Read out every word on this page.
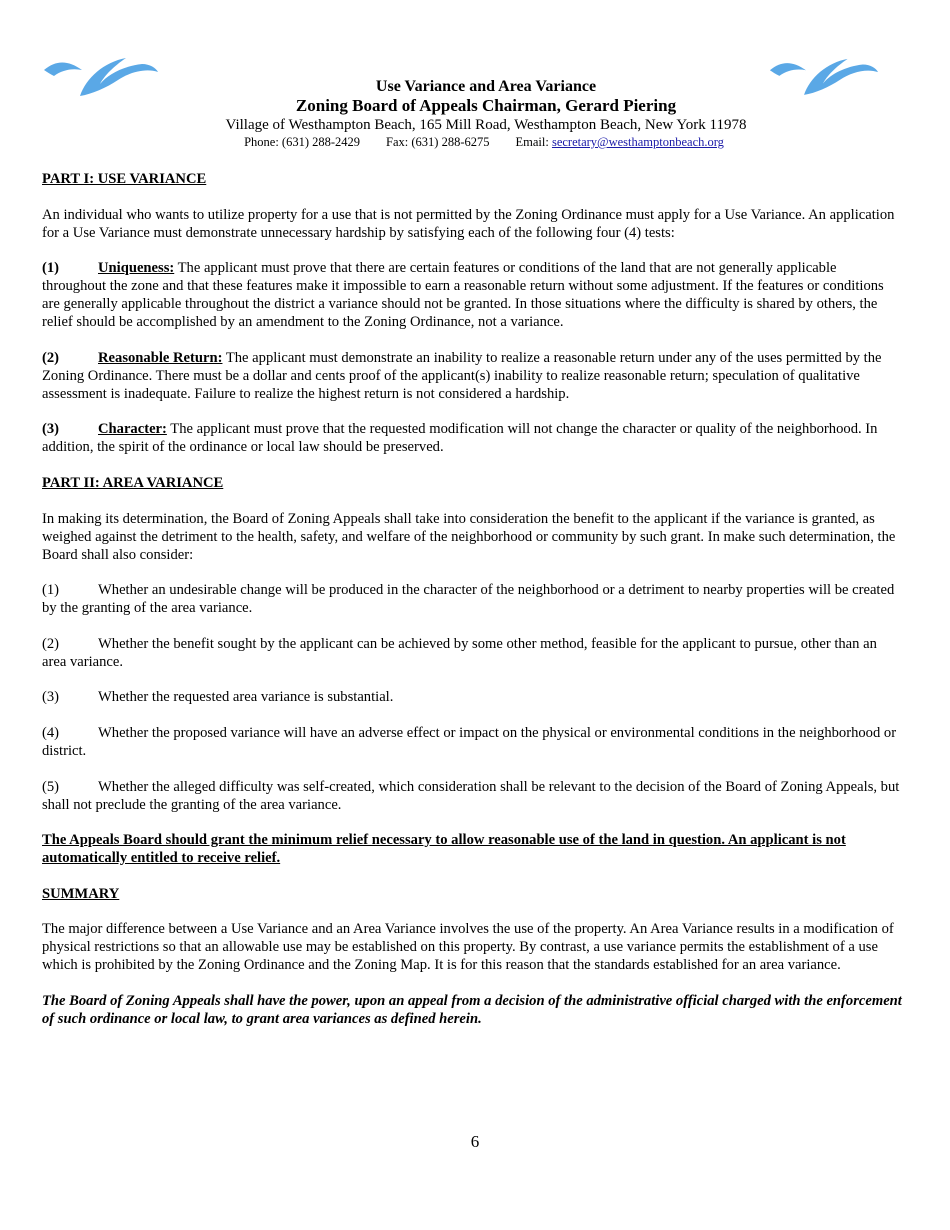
Use Variance and Area Variance
Zoning Board of Appeals Chairman, Gerard Piering
Village of Westhampton Beach, 165 Mill Road, Westhampton Beach, New York 11978
Phone: (631) 288-2429 Fax: (631) 288-6275 Email: secretary@westhamptonbeach.org

PART I: USE VARIANCE

An individual who wants to utilize property for a use that is not permitted by the Zoning Ordinance must apply for a Use Variance. An application for a Use Variance must demonstrate unnecessary hardship by satisfying each of the following four (4) tests:

(1)	Uniqueness: The applicant must prove that there are certain features or conditions of the land that are not generally applicable throughout the zone and that these features make it impossible to earn a reasonable return without some adjustment. If the features or conditions are generally applicable throughout the district a variance should not be granted. In those situations where the difficulty is shared by others, the relief should be accomplished by an amendment to the Zoning Ordinance, not a variance.

(2)	Reasonable Return: The applicant must demonstrate an inability to realize a reasonable return under any of the uses permitted by the Zoning Ordinance. There must be a dollar and cents proof of the applicant(s) inability to realize reasonable return; speculation of qualitative assessment is inadequate. Failure to realize the highest return is not considered a hardship.

(3)	Character: The applicant must prove that the requested modification will not change the character or quality of the neighborhood. In addition, the spirit of the ordinance or local law should be preserved.

PART II: AREA VARIANCE

In making its determination, the Board of Zoning Appeals shall take into consideration the benefit to the applicant if the variance is granted, as weighed against the detriment to the health, safety, and welfare of the neighborhood or community by such grant. In make such determination, the Board shall also consider:

(1)	Whether an undesirable change will be produced in the character of the neighborhood or a detriment to nearby properties will be created by the granting of the area variance.

(2)	Whether the benefit sought by the applicant can be achieved by some other method, feasible for the applicant to pursue, other than an area variance.

(3)	Whether the requested area variance is substantial.

(4)	Whether the proposed variance will have an adverse effect or impact on the physical or environmental conditions in the neighborhood or district.

(5)	Whether the alleged difficulty was self-created, which consideration shall be relevant to the decision of the Board of Zoning Appeals, but shall not preclude the granting of the area variance.

The Appeals Board should grant the minimum relief necessary to allow reasonable use of the land in question. An applicant is not automatically entitled to receive relief.

SUMMARY

The major difference between a Use Variance and an Area Variance involves the use of the property. An Area Variance results in a modification of physical restrictions so that an allowable use may be established on this property. By contrast, a use variance permits the establishment of a use which is prohibited by the Zoning Ordinance and the Zoning Map. It is for this reason that the standards established for an area variance.

The Board of Zoning Appeals shall have the power, upon an appeal from a decision of the administrative official charged with the enforcement of such ordinance or local law, to grant area variances as defined herein.

6
